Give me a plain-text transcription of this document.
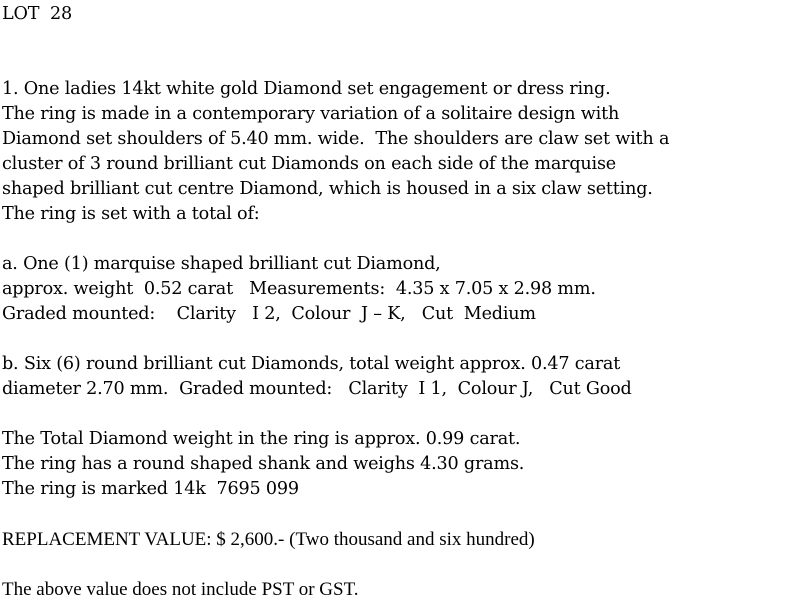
LOT  28
1. One ladies 14kt white gold Diamond set engagement or dress ring.
The ring is made in a contemporary variation of a solitaire design with
Diamond set shoulders of 5.40 mm. wide.  The shoulders are claw set with a
cluster of 3 round brilliant cut Diamonds on each side of the marquise
shaped brilliant cut centre Diamond, which is housed in a six claw setting.
The ring is set with a total of:
a. One (1) marquise shaped brilliant cut Diamond,
approx. weight  0.52 carat   Measurements:  4.35 x 7.05 x 2.98 mm.
Graded mounted:    Clarity   I 2,  Colour  J – K,   Cut  Medium
b. Six (6) round brilliant cut Diamonds, total weight approx. 0.47 carat
diameter 2.70 mm.  Graded mounted:   Clarity  I 1,  Colour J,   Cut Good
The Total Diamond weight in the ring is approx. 0.99 carat.
The ring has a round shaped shank and weighs 4.30 grams.
The ring is marked 14k  7695 099
REPLACEMENT VALUE: $ 2,600.- (Two thousand and six hundred)
The above value does not include PST or GST.
